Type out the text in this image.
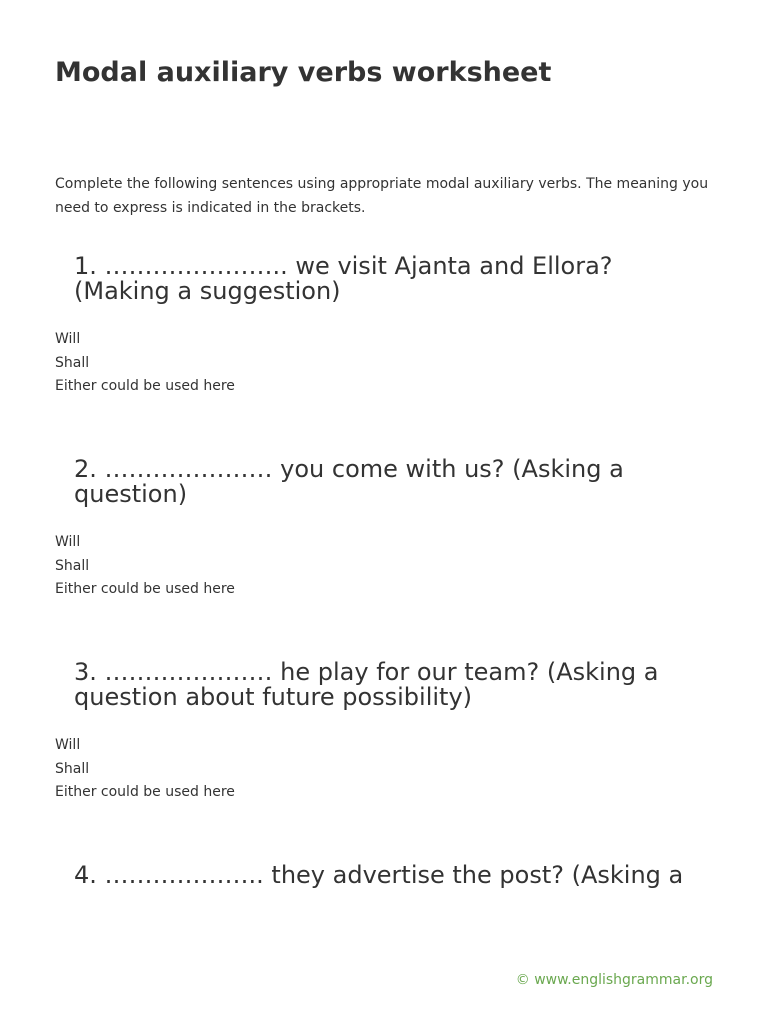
Modal auxiliary verbs worksheet

Complete the following sentences using appropriate modal auxiliary verbs. The meaning you need to express is indicated in the brackets.

1. ………………….. we visit Ajanta and Ellora? (Making a suggestion)
Will
Shall
Either could be used here
2. ………………… you come with us? (Asking a question)
Will
Shall
Either could be used here
3. ………………… he play for our team? (Asking a question about future possibility)
Will
Shall
Either could be used here
4. ……………….. they advertise the post? (Asking a
© www.englishgrammar.org
